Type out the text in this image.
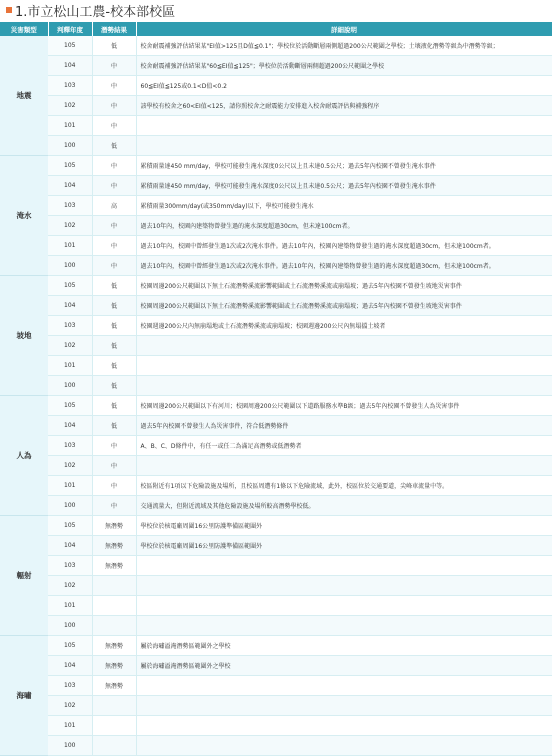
1.市立松山工農-校本部校區
災害類型	判釋年度	潛勢結果	詳細說明
地震	105	低	校舍耐震補強評估結果某"EI值>125且D值≦0.1"；學校位於活動斷層兩側超過200公尺範圍之學校；土壤液化潛勢等級為中潛勢等級；
	104	中	校舍耐震補強評估結果某"60≦EI值≦125"；學校位於活動斷層兩側超過200公尺範圍之學校
	103	中	60≦EI值≦125或0.1<D值<0.2
	102	中	該學校有校舍之60<EI值<125，請你照校舍之耐震能力安排進入校舍耐震評估與補強程序
	101	中	
	100	低	
淹水	105	中	累積雨量達450 mm/day，學校可能發生淹水深度0公尺以上且未達0.5公尺；過去5年內校園不曾發生淹水事件
	104	中	累積雨量達450 mm/day，學校可能發生淹水深度0公尺以上且未達0.5公尺；過去5年內校園不曾發生淹水事件
	103	高	累積雨量300mm/day(或350mm/day)以下，學校可能發生淹水
	102	中	過去10年內，校園內建築物曾發生過的淹水深度超過30cm，但未達100cm者。
	101	中	過去10年內，校園中曾經發生過1次或2次淹水事件。過去10年內，校園內建築物曾發生過的淹水深度超過30cm，但未達100cm者。
	100	中	過去10年內，校園中曾經發生過1次或2次淹水事件。過去10年內，校園內建築物曾發生過的淹水深度超過30cm，但未達100cm者。
坡地	105	低	校園周邊200公尺範圍以下無土石流潛勢溪流影響範圍或土石流潛勢溪流或崩塌坡；過去5年內校園不曾發生坡地災害事件
	104	低	校園周邊200公尺範圍以下無土石流潛勢溪流影響範圍或土石流潛勢溪流或崩塌坡；過去5年內校園不曾發生坡地災害事件
	103	低	校園週邊200公尺內無崩塌地或土石流潛勢溪流或崩塌坡；校園週邊200公尺內無塌擋土坡者
	102	低	
	101	低	
	100	低	
人為	105	低	校園周邊200公尺範圍以下有河川；校園周邊200公尺範圍以下道路服務水準B級；過去5年內校園不曾發生人為災害事件
	104	低	過去5年內校園不曾發生人為災害事件，符合低潛勢條件
	103	中	A、B、C、D條件中，有任一或任二為滿足高潛勢或低潛勢者
	102	中	
	101	中	校區附近有1項以下危險設施及場所，且校區周遭有1條以下危險流域，此外，校區位於交通要道，尖峰車流量中等。
	100	中	交通流量大，但附近流域及其他危險設施及場所較高潛勢學校低。
輻射	105	無潛勢	學校位於核電廠周圍16公里防護準備區範圍外
	104	無潛勢	學校位於核電廠周圍16公里防護準備區範圍外
	103	無潛勢	
	102		
	101		
	100		
海嘯	105	無潛勢	屬於海嘯溢淹潛勢區範圍外之學校
	104	無潛勢	屬於海嘯溢淹潛勢區範圍外之學校
	103	無潛勢	
	102		
	101		
	100		
